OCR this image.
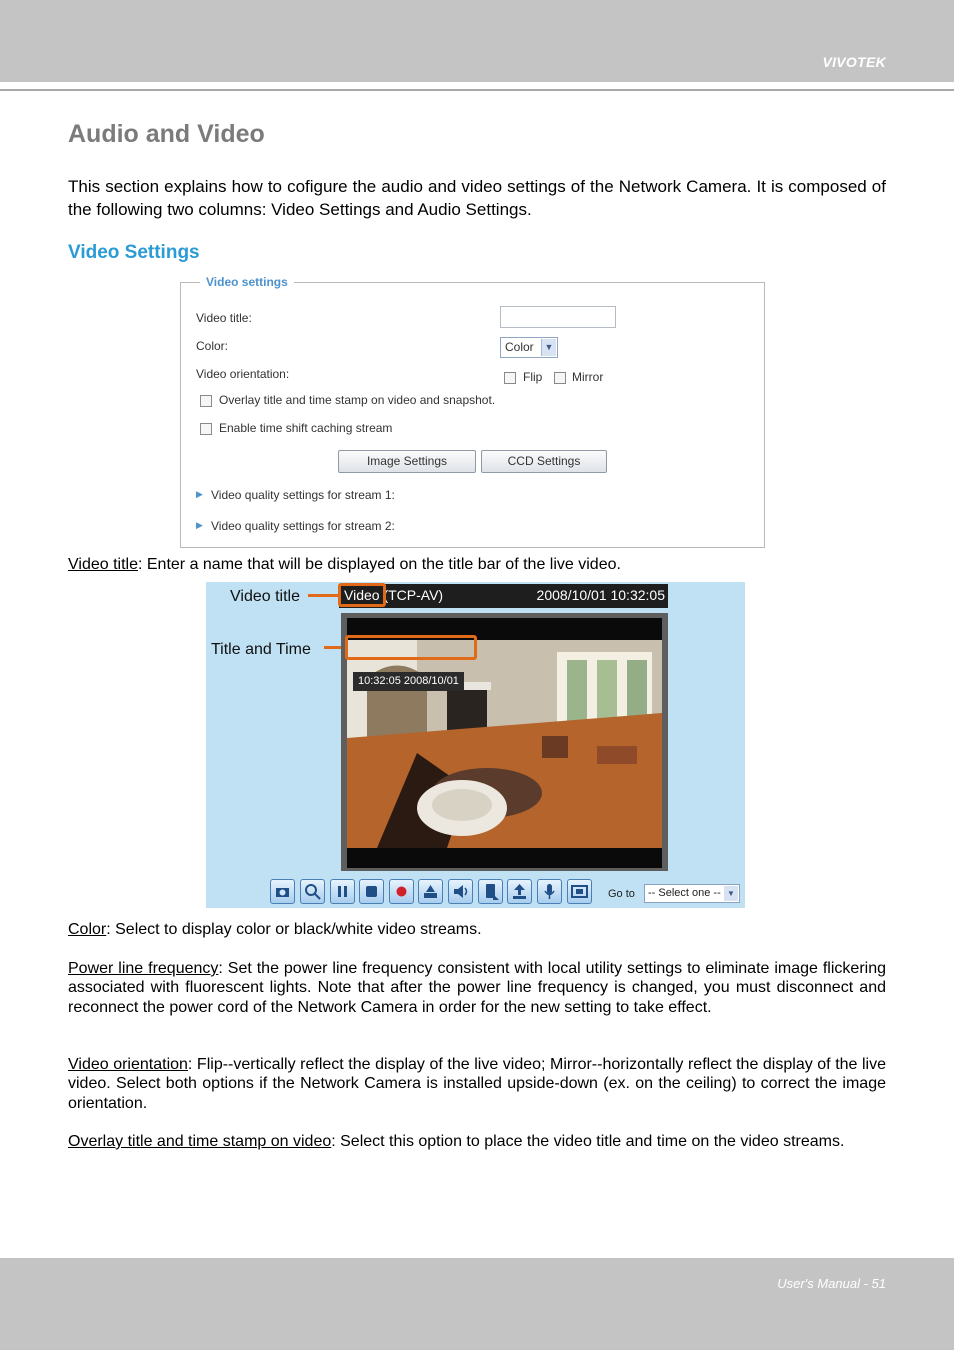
VIVOTEK
Audio and Video

This section explains how to cofigure the audio and video settings of the Network Camera. It is composed of the following two columns: Video Settings and Audio Settings.

Video Settings
Video settings
Video title:
Color:	Color	▼
Video orientation:	Flip Mirror
Overlay title and time stamp on video and snapshot.
Enable time shift caching stream
Image Settings	CCD Settings
▶ Video quality settings for stream 1:
▶ Video quality settings for stream 2:

Video title: Enter a name that will be displayed on the title bar of the live video.

Video title
Title and Time
Video (TCP-AV)	2008/10/01 10:32:05
10:32:05 2008/10/01
Go to	-- Select one -- ▼

Color: Select to display color or black/white video streams.

Power line frequency: Set the power line frequency consistent with local utility settings to eliminate image flickering associated with fluorescent lights. Note that after the power line frequency is changed, you must disconnect and reconnect the power cord of the Network Camera in order for the new setting to take effect.

Video orientation: Flip--vertically reflect the display of the live video; Mirror--horizontally reflect the display of the live video. Select both options if the Network Camera is installed upside-down (ex. on the ceiling) to correct the image orientation.

Overlay title and time stamp on video: Select this option to place the video title and time on the video streams.

User's Manual - 51
